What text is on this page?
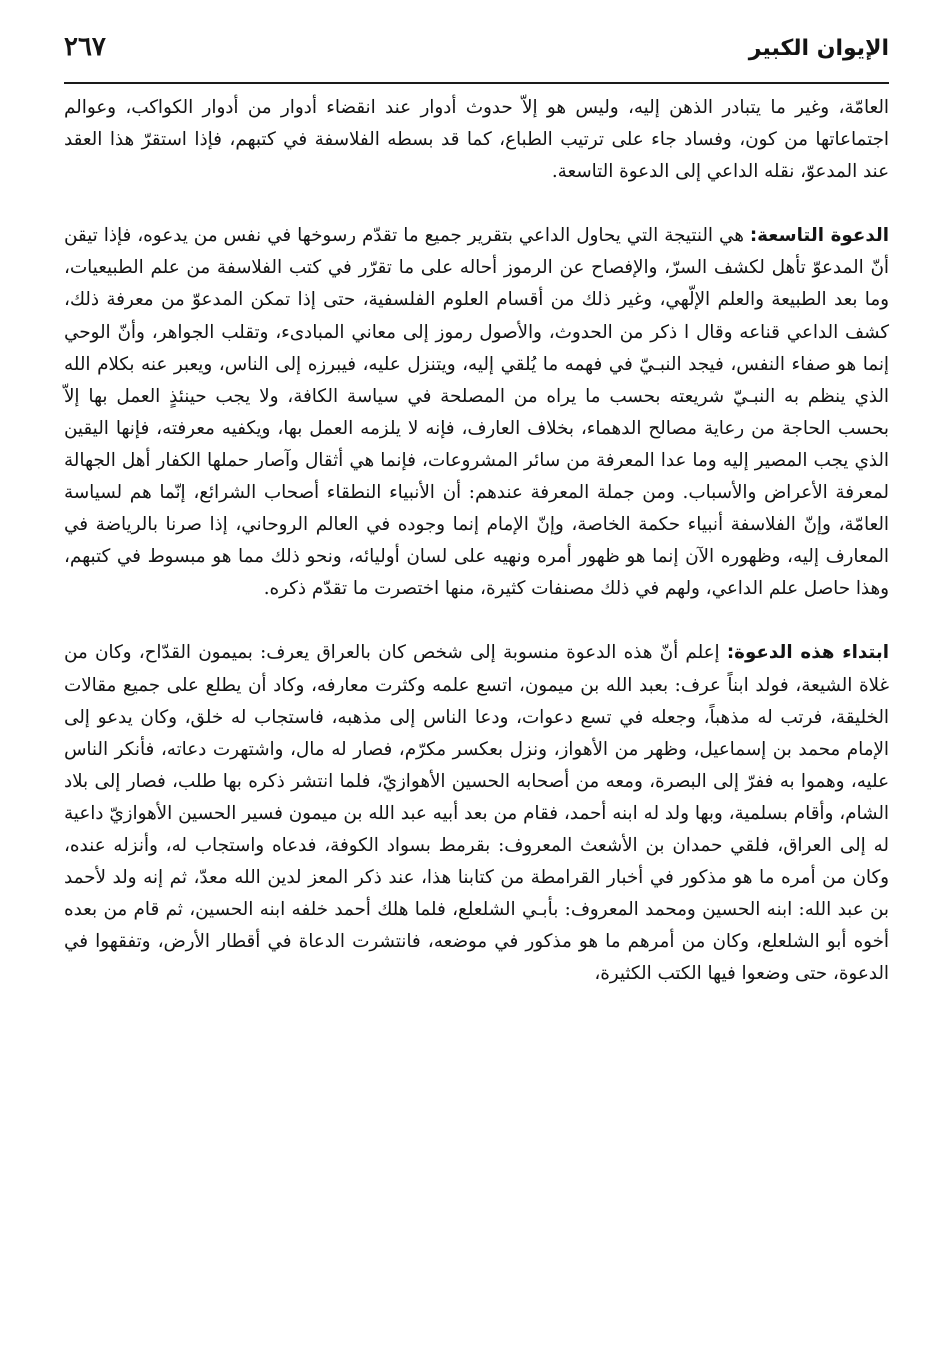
الإيوان الكبير

٢٦٧

العامّة، وغير ما يتبادر الذهن إليه، وليس هو إلاّ حدوث أدوار عند انقضاء أدوار من أدوار الكواكب، وعوالم اجتماعاتها من كون، وفساد جاء على ترتيب الطباع، كما قد بسطه الفلاسفة في كتبهم، فإذا استقرّ هذا العقد عند المدعوّ، نقله الداعي إلى الدعوة التاسعة.

الدعوة التاسعة: هي النتيجة التي يحاول الداعي بتقرير جميع ما تقدّم رسوخها في نفس من يدعوه، فإذا تيقن أنّ المدعوّ تأهل لكشف السرّ، والإفصاح عن الرموز أحاله على ما تقرّر في كتب الفلاسفة من علم الطبيعيات، وما بعد الطبيعة والعلم الإلّهي، وغير ذلك من أقسام العلوم الفلسفية، حتى إذا تمكن المدعوّ من معرفة ذلك، كشف الداعي قناعه وقال ا ذكر من الحدوث، والأصول رموز إلى معاني المبادىء، وتقلب الجواهر، وأنّ الوحي إنما هو صفاء النفس، فيجد النبـيّ في فهمه ما يُلقي إليه، ويتنزل عليه، فيبرزه إلى الناس، ويعبر عنه بكلام الله الذي ينظم به النبـيّ شريعته بحسب ما يراه من المصلحة في سياسة الكافة، ولا يجب حينئذٍ العمل بها إلاّ بحسب الحاجة من رعاية مصالح الدهماء، بخلاف العارف، فإنه لا يلزمه العمل بها، ويكفيه معرفته، فإنها اليقين الذي يجب المصير إليه وما عدا المعرفة من سائر المشروعات، فإنما هي أثقال وآصار حملها الكفار أهل الجهالة لمعرفة الأعراض والأسباب. ومن جملة المعرفة عندهم: أن الأنبياء النطقاء أصحاب الشرائع، إنّما هم لسياسة العامّة، وإنّ الفلاسفة أنبياء حكمة الخاصة، وإنّ الإمام إنما وجوده في العالم الروحاني، إذا صرنا بالرياضة في المعارف إليه، وظهوره الآن إنما هو ظهور أمره ونهيه على لسان أوليائه، ونحو ذلك مما هو مبسوط في كتبهم، وهذا حاصل علم الداعي، ولهم في ذلك مصنفات كثيرة، منها اختصرت ما تقدّم ذكره.

ابتداء هذه الدعوة: إعلم أنّ هذه الدعوة منسوبة إلى شخص كان بالعراق يعرف: بميمون القدّاح، وكان من غلاة الشيعة، فولد ابناً عرف: بعبد الله بن ميمون، اتسع علمه وكثرت معارفه، وكاد أن يطلع على جميع مقالات الخليقة، فرتب له مذهباً، وجعله في تسع دعوات، ودعا الناس إلى مذهبه، فاستجاب له خلق، وكان يدعو إلى الإمام محمد بن إسماعيل، وظهر من الأهواز، ونزل بعكسر مكرّم، فصار له مال، واشتهرت دعاته، فأنكر الناس عليه، وهموا به ففرّ إلى البصرة، ومعه من أصحابه الحسين الأهوازيّ، فلما انتشر ذكره بها طلب، فصار إلى بلاد الشام، وأقام بسلمية، وبها ولد له ابنه أحمد، فقام من بعد أبيه عبد الله بن ميمون فسير الحسين الأهوازيّ داعية له إلى العراق، فلقي حمدان بن الأشعث المعروف: بقرمط بسواد الكوفة، فدعاه واستجاب له، وأنزله عنده، وكان من أمره ما هو مذكور في أخبار القرامطة من كتابنا هذا، عند ذكر المعز لدين الله معدّ، ثم إنه ولد لأحمد بن عبد الله: ابنه الحسين ومحمد المعروف: بأبـي الشلعلع، فلما هلك أحمد خلفه ابنه الحسين، ثم قام من بعده أخوه أبو الشلعلع، وكان من أمرهم ما هو مذكور في موضعه، فانتشرت الدعاة في أقطار الأرض، وتفقهوا في الدعوة، حتى وضعوا فيها الكتب الكثيرة،
